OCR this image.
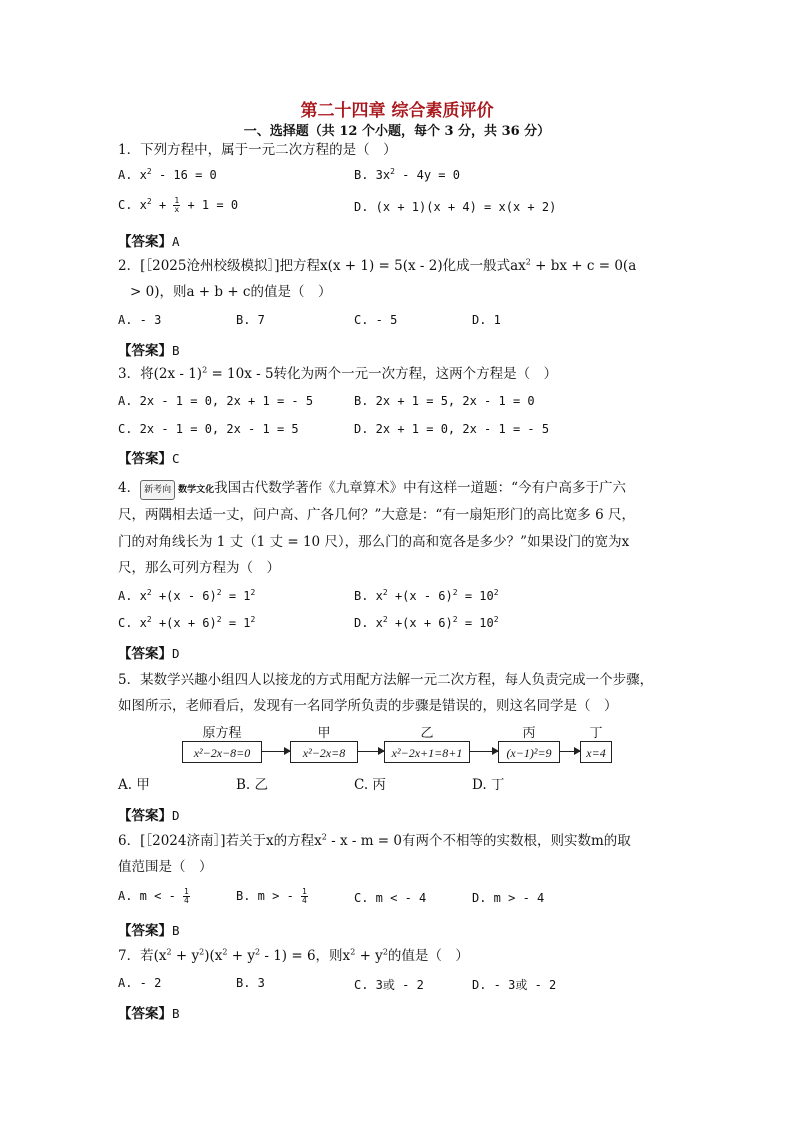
第二十四章 综合素质评价
一、选择题（共 12 个小题，每个 3 分，共 36 分）
1．下列方程中，属于一元二次方程的是（　）
A. $x^2 - 16 = 0$	B. $3x^2 - 4y = 0$
C. $x^2 + \frac{1}{x} + 1 = 0$	D. (x + 1)(x + 4) = x(x + 2)
【答案】A
2．[［2025沧州校级模拟］]把方程x(x + 1) = 5(x - 2)化成一般式$ax^2$ + bx + c = 0(a
> 0)，则a + b + c的值是（　）
A. - 3	B. 7	C. - 5	D. 1
【答案】B
3．将(2x - 1)$^2$ = 10x - 5转化为两个一元一次方程，这两个方程是（　）
A. 2x - 1 = 0, 2x + 1 = - 5	B. 2x + 1 = 5, 2x - 1 = 0
C. 2x - 1 = 0, 2x - 1 = 5	D. 2x + 1 = 0, 2x - 1 = - 5
【答案】C
4． 新考向 数学文化我国古代数学著作《九章算术》中有这样一道题：“今有户高多于广六
尺，两隅相去适一丈，问户高、广各几何？”大意是：“有一扇矩形门的高比宽多 6 尺，
门的对角线长为 1 丈（1 丈 = 10 尺），那么门的高和宽各是多少？”如果设门的宽为x
尺，那么可列方程为（　）
A. $x^2 +(x - 6)^2 = 1^2$	B. $x^2 +(x - 6)^2 = 10^2$
C. $x^2 +(x + 6)^2 = 1^2$	D. $x^2 +(x + 6)^2 = 10^2$
【答案】D
5．某数学兴趣小组四人以接龙的方式用配方法解一元二次方程，每人负责完成一个步骤，
如图所示，老师看后，发现有一名同学所负责的步骤是错误的，则这名同学是（　）
原方程
x²−2x−8=0
甲
x²−2x=8
乙
x²−2x+1=8+1
丙
(x−1)²=9
丁
x=4
A. 甲	B. 乙	C. 丙	D. 丁
【答案】D
6．[［2024济南］]若关于x的方程$x^2 - x - m = 0$有两个不相等的实数根，则实数m的取
值范围是（　）
A. m < - $\frac{1}{4}$	B. m > - $\frac{1}{4}$	C. m < - 4	D. m > - 4
【答案】B
7．若$(x^2 + y^2)(x^2 + y^2 - 1) = 6$，则$x^2 + y^2$的值是（　）
A. - 2	B. 3	C. 3或 - 2	D. - 3或 - 2
【答案】B
